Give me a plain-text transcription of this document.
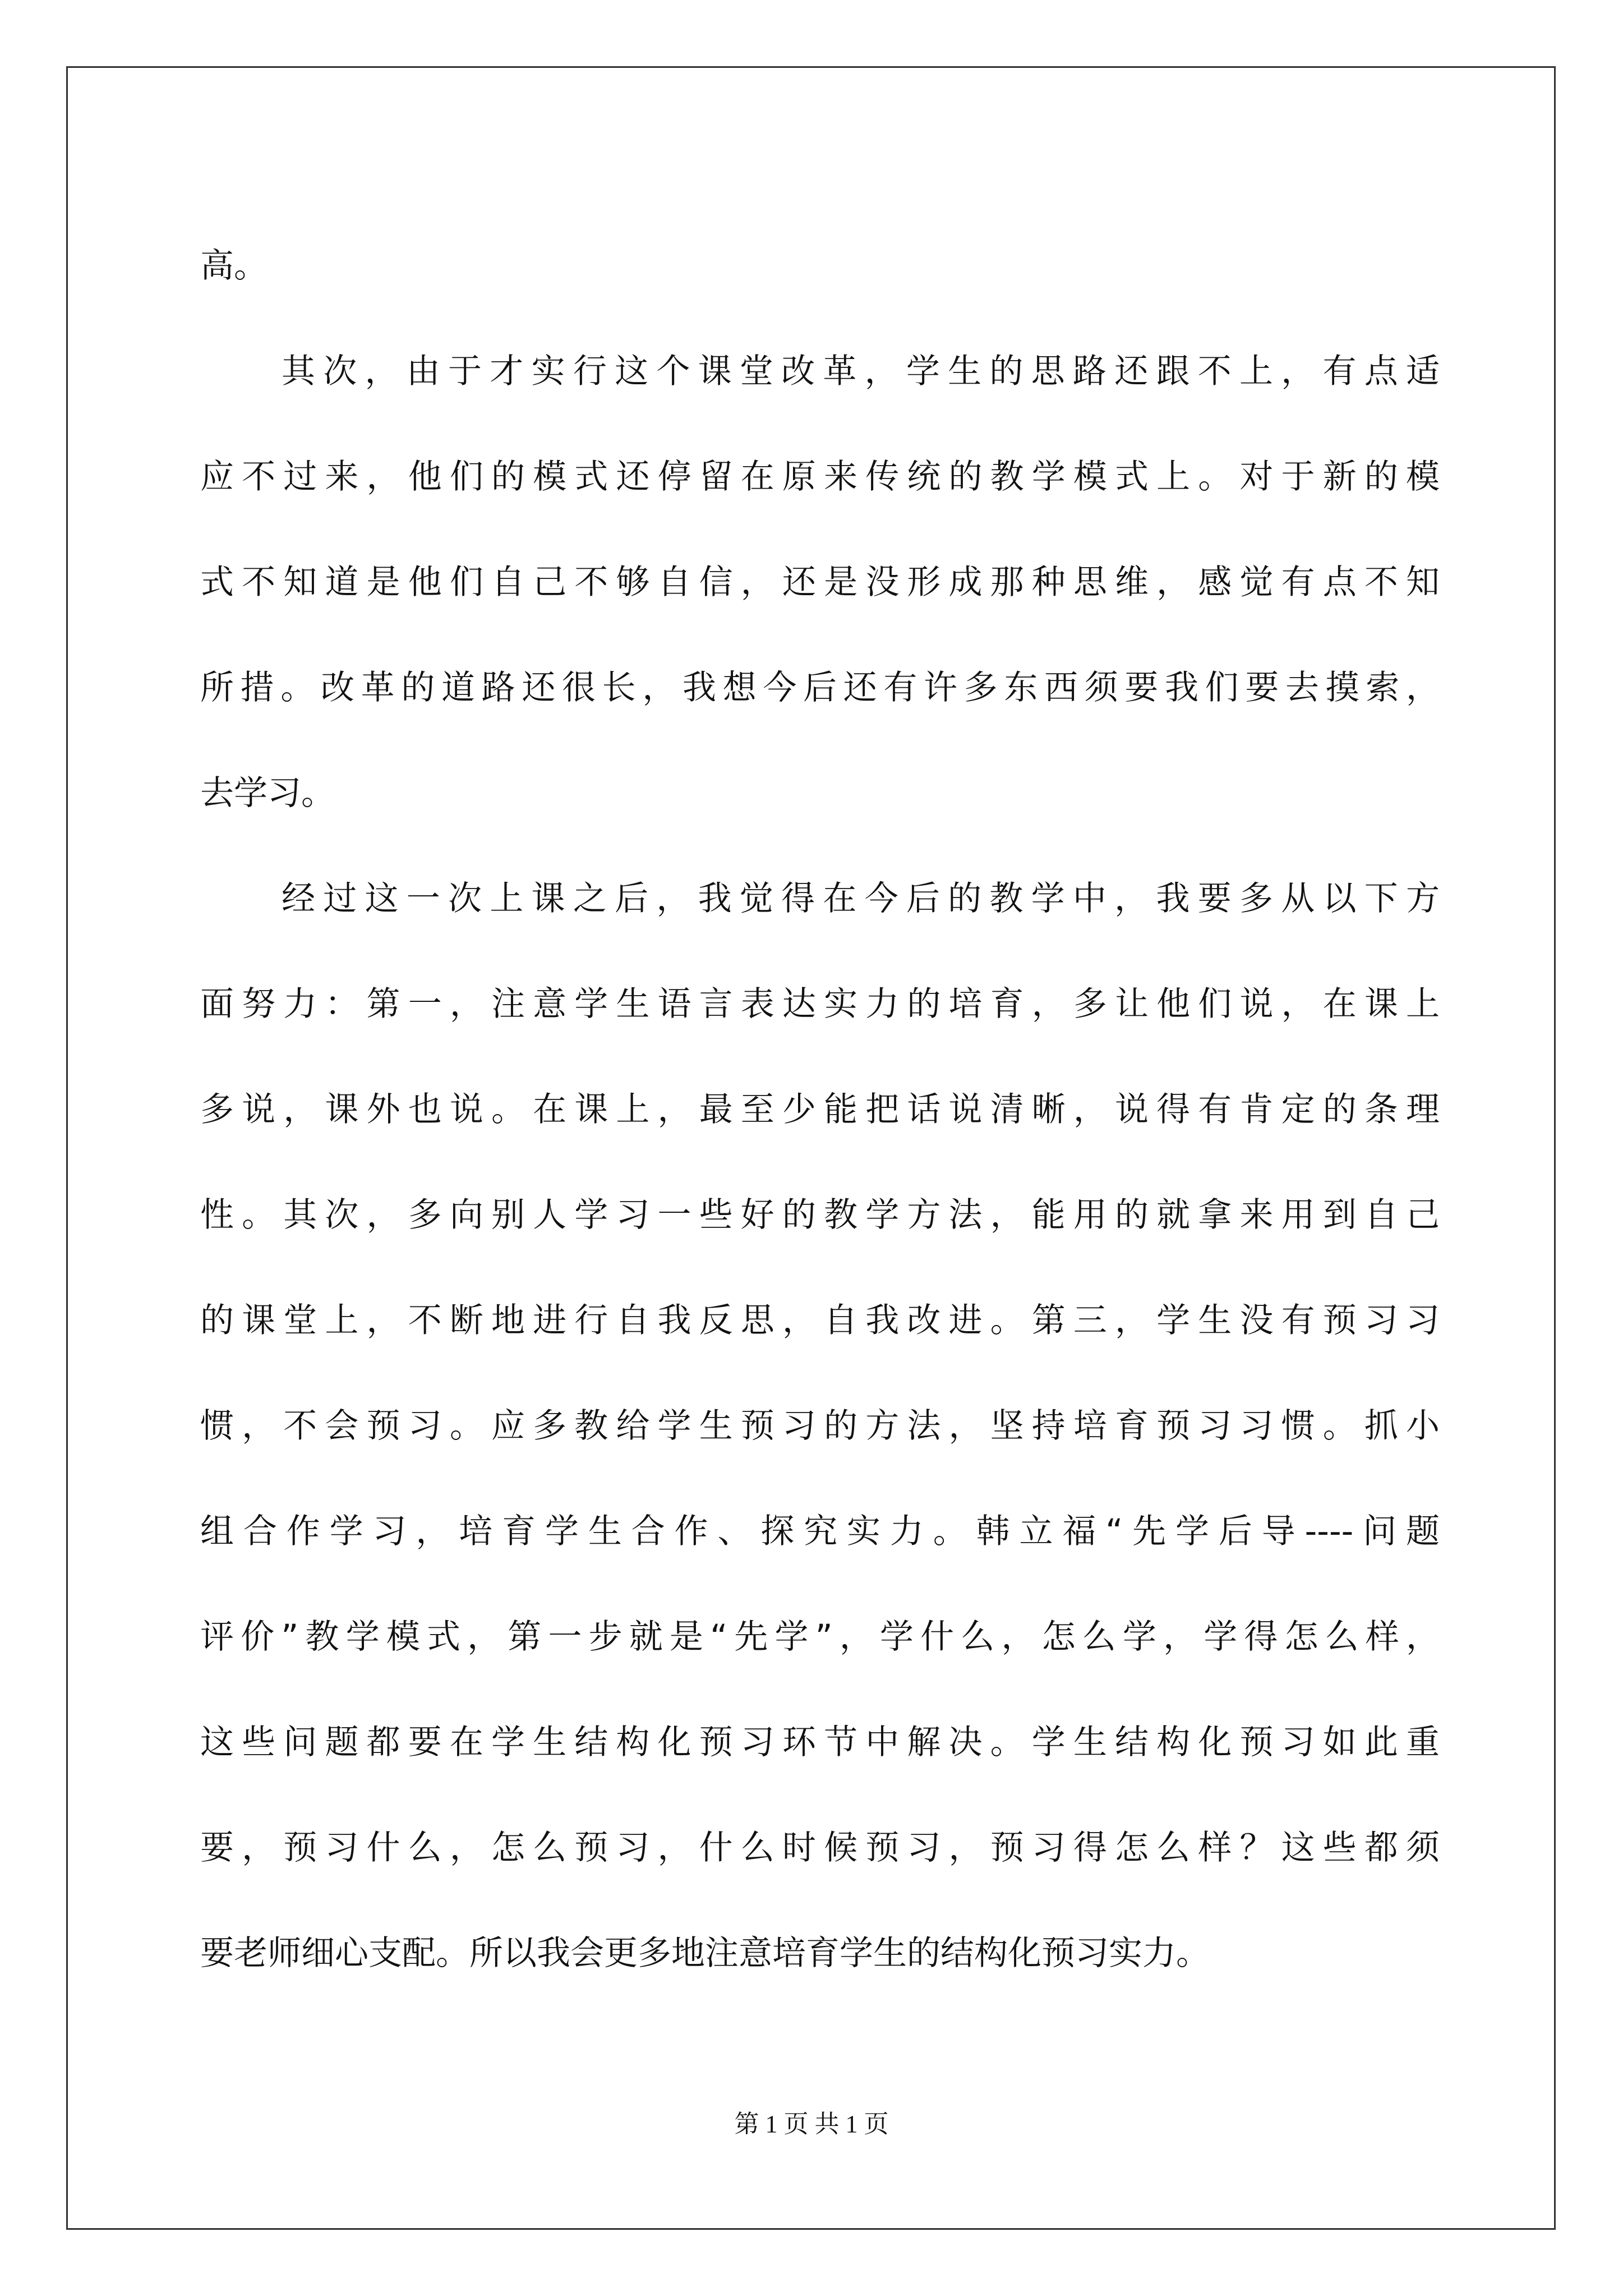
高。
其次，由于才实行这个课堂改革，学生的思路还跟不上，有点适
应不过来，他们的模式还停留在原来传统的教学模式上。对于新的模
式不知道是他们自己不够自信，还是没形成那种思维，感觉有点不知
所措。改革的道路还很长，我想今后还有许多东西须要我们要去摸索，
去学习。
经过这一次上课之后，我觉得在今后的教学中，我要多从以下方
面努力：第一，注意学生语言表达实力的培育，多让他们说，在课上
多说，课外也说。在课上，最至少能把话说清晰，说得有肯定的条理
性。其次，多向别人学习一些好的教学方法，能用的就拿来用到自己
的课堂上，不断地进行自我反思，自我改进。第三，学生没有预习习
惯，不会预习。应多教给学生预习的方法，坚持培育预习习惯。抓小
组合作学习，培育学生合作、探究实力。韩立福“先学后导----问题
评价”教学模式，第一步就是“先学”，学什么，怎么学，学得怎么样，
这些问题都要在学生结构化预习环节中解决。学生结构化预习如此重
要，预习什么，怎么预习，什么时候预习，预习得怎么样？这些都须
要老师细心支配。所以我会更多地注意培育学生的结构化预习实力。
第 1 页 共 1 页
